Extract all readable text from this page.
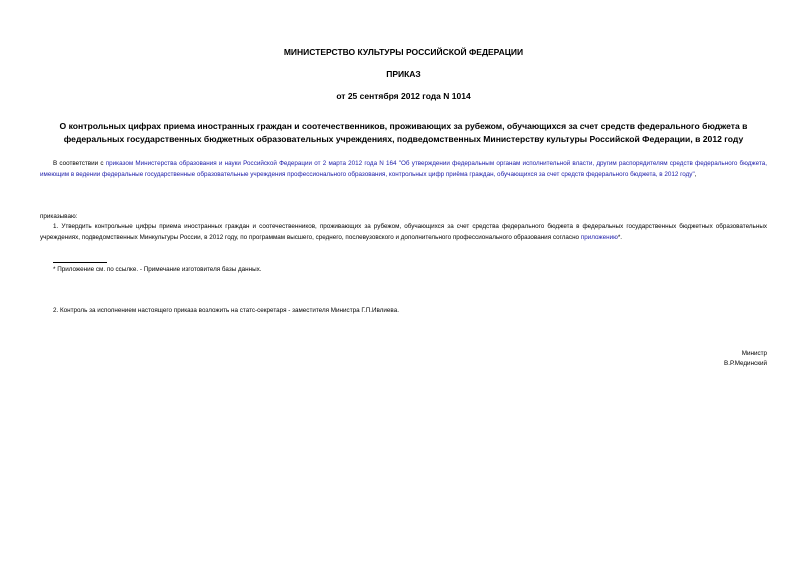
МИНИСТЕРСТВО КУЛЬТУРЫ РОССИЙСКОЙ ФЕДЕРАЦИИ
ПРИКАЗ
от 25 сентября 2012 года N 1014
О контрольных цифрах приема иностранных граждан и соотечественников, проживающих за рубежом, обучающихся за счет средств федерального бюджета в федеральных государственных бюджетных образовательных учреждениях, подведомственных Министерству культуры Российской Федерации, в 2012 году
В соответствии с приказом Министерства образования и науки Российской Федерации от 2 марта 2012 года N 164 "Об утверждении федеральным органам исполнительной власти, другим распорядителям средств федерального бюджета, имеющим в ведении федеральные государственные образовательные учреждения профессионального образования, контрольных цифр приёма граждан, обучающихся за счет средств федерального бюджета, в 2012 году",
приказываю:
1. Утвердить контрольные цифры приема иностранных граждан и соотечественников, проживающих за рубежом, обучающихся за счет средства федерального бюджета в федеральных государственных бюджетных образовательных учреждениях, подведомственных Минкультуры России, в 2012 году, по программам высшего, среднего, послевузовского и дополнительного профессионального образования согласно приложению*.
* Приложение см. по ссылке. - Примечание изготовителя базы данных.
2. Контроль за исполнением настоящего приказа возложить на статс-секретаря - заместителя Министра Г.П.Ивлиева.
Министр
В.Р.Мединский
